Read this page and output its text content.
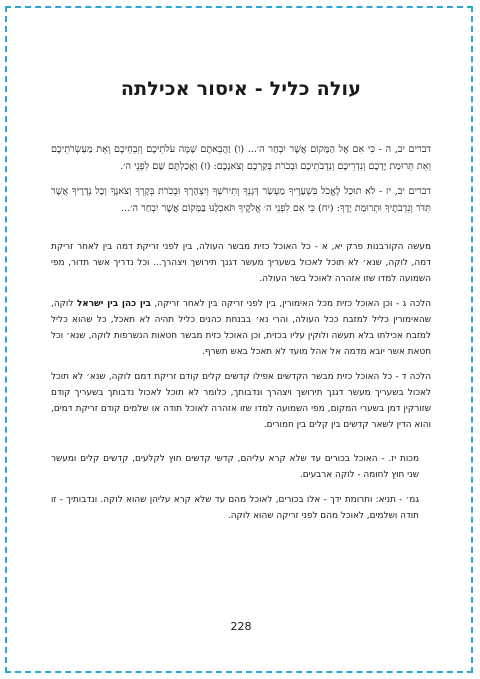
עולה כליל - איסור אכילתה

דברים יב, ה - כִּי אִם אֶל הַמָּקוֹם אֲשֶׁר יִבְחַר ה׳... (ו) וַהֲבֵאתֶם שָׁמָּה עֹלֹתֵיכֶם וְזִבְחֵיכֶם וְאֵת מַעְשְׂרֹתֵיכֶם וְאֵת תְּרוּמַת יֶדְכֶם וְנִדְרֵיכֶם וְנִדְבֹתֵיכֶם וּבְכֹרֹת בְּקַרְכֶם וְצֹאנְכֶם: (ז) וַאֲכַלְתֶּם שָׁם לִפְנֵי ה׳.

דברים יב, יז - לֹא תוּכַל לֶאֱכֹל בִּשְׁעָרֶיךָ מַעְשַׂר דְּגָנְךָ וְתִירֹשְׁךָ וְיִצְהָרֶךָ וּבְכֹרֹת בְּקָרְךָ וְצֹאנֶךָ וְכָל נְדָרֶיךָ אֲשֶׁר תִּדֹּר וְנִדְבֹתֶיךָ וּתְרוּמַת יָדֶךָ: (יח) כִּי אִם לִפְנֵי ה׳ אֱלֹקֶיךָ תֹּאכְלֶנּוּ בַּמָּקוֹם אֲשֶׁר יִבְחַר ה׳...

מעשה הקורבנות פרק יא, א - כל האוכל כזית מבשר העולה, בין לפני זריקת דמה בין לאחר זריקת דמה, לוקה, שנא׳ לא תוכל לאכול בשעריך מעשר דגנך תירושך ויצהרך... וכל נדריך אשר תדור, מפי השמועה למדו שזו אזהרה לאוכל בשר העולה.

הלכה ג - וכן האוכל כזית מכל האימורין, בין לפני זריקה בין לאחר זריקה, בין כהן בין ישראל לוקה, שהאימורין כליל למזבח ככל העולה, והרי נא׳ בבנחת כהנים כליל תהיה לא תאכל, כל שהוא כליל למזבח אכילתו בלא תעשה ולוקין עליו בכזית, וכן האוכל כזית מבשר חטאות הנשרפות לוקה, שנא׳ וכל חטאת אשר יובא מדמה אל אהל מועד לא תאכל באש תשרף.

הלכה ד - כל האוכל כזית מבשר הקדשים אפילו קדשים קלים קודם זריקת דמם לוקה, שנא׳ לא תוכל לאכול בשעריך מעשר דגנך תירושך ויצהרך ונדבותך, כלומר לא תוכל לאכול נדבותך בשעריך קודם שזורקין דמן בשערי המקום, מפי השמועה למדו שזו אזהרה לאוכל תודה או שלמים קודם זריקת דמים, והוא הדין לשאר קדשים בין קלים בין חמורים.

מכות יז. - האוכל בכורים עד שלא קרא עליהם, קדשי קדשים חוץ לקלעים, קדשים קלים ומעשר שני חוץ לחומה - לוקה ארבעים.

גמ׳ - תניא: ותרומת ידך - אלו בכורים, לאוכל מהם עד שלא קרא עליהן שהוא לוקה. ונדבותיך - זו תודה ושלמים, לאוכל מהם לפני זריקה שהוא לוקה.

228
